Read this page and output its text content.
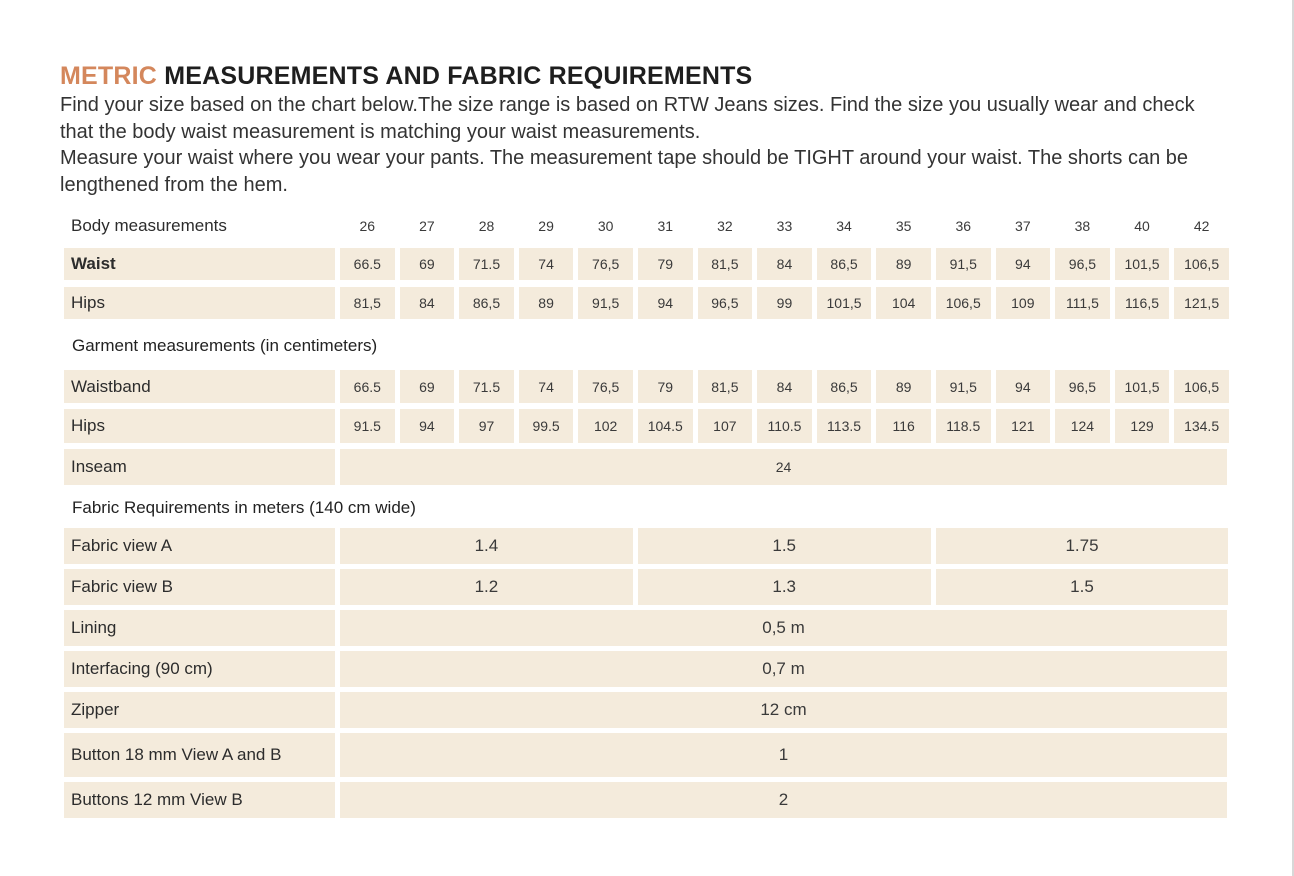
METRIC MEASUREMENTS AND FABRIC REQUIREMENTS

Find your size based on the chart below.The size range is based on RTW Jeans sizes. Find the size you usually wear and check that the body waist measurement is matching your waist measurements.

Measure your waist where you wear your pants. The measurement tape should be TIGHT around your waist. The shorts can be lengthened from the hem.

Body measurements	26	27	28	29	30	31	32	33	34	35	36	37	38	40	42
Waist	66.5	69	71.5	74	76,5	79	81,5	84	86,5	89	91,5	94	96,5	101,5	106,5
Hips	81,5	84	86,5	89	91,5	94	96,5	99	101,5	104	106,5	109	111,5	116,5	121,5
Garment measurements (in centimeters)
Waistband	66.5	69	71.5	74	76,5	79	81,5	84	86,5	89	91,5	94	96,5	101,5	106,5
Hips	91.5	94	97	99.5	102	104.5	107	110.5	113.5	116	118.5	121	124	129	134.5
Inseam	24
Fabric Requirements in meters (140 cm wide)
Fabric view A	1.4	1.5	1.75
Fabric view B	1.2	1.3	1.5
Lining	0,5 m
Interfacing (90 cm)	0,7 m
Zipper	12 cm
Button 18 mm View A and B	1
Buttons 12 mm View B	2
